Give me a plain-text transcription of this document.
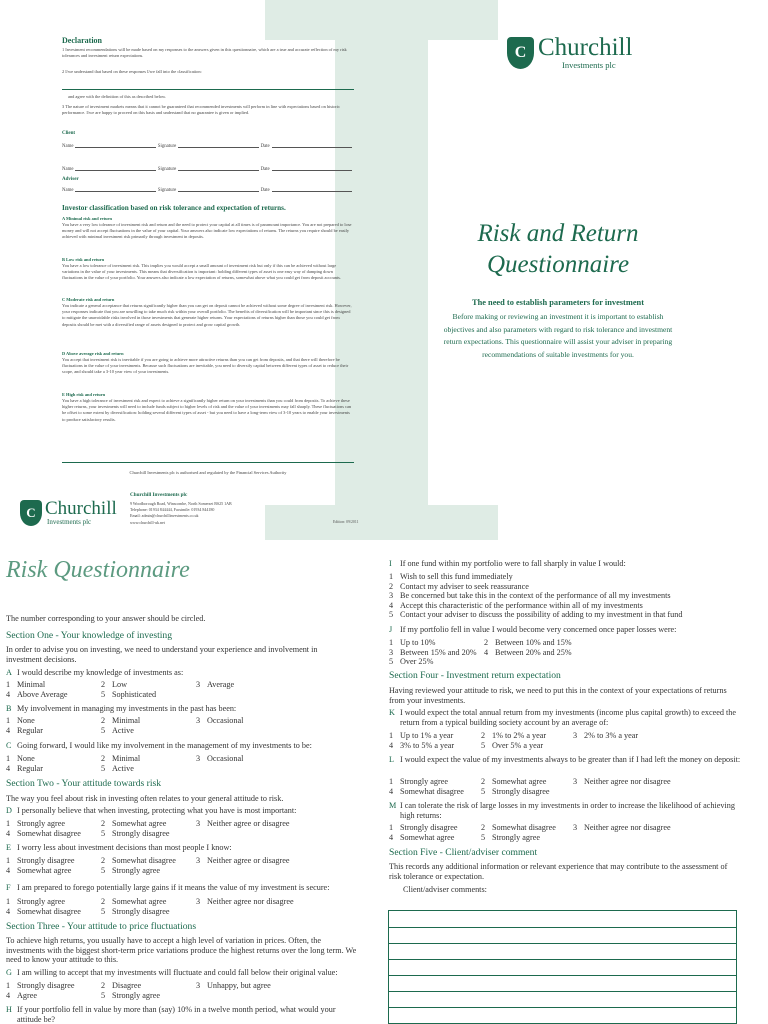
Declaration
1 Investment recommendations will be made based on my responses to the answers given in this questionnaire, which are a true and accurate reflection of my risk tolerances and investment return expectations.
2 I/we understand that based on these responses I/we fall into the classification:
and agree with the definition of this as described below.
3 The nature of investment markets means that it cannot be guaranteed that recommended investments will perform in line with expectations based on historic performance. I/we are happy to proceed on this basis and understand that no guarantee is given or implied.
Client
Name	Signature	Date
Name	Signature	Date
Adviser
Name	Signature	Date
Investor classification based on risk tolerance and expectation of returns.
A Minimal risk and return
You have a very low tolerance of investment risk and return and the need to protect your capital at all times is of paramount importance. You are not prepared to lose money and will not accept fluctuations in the value of your capital. Your answers also indicate low expectations of returns. The returns you require should be easily achieved with minimal investment risk primarily through investment in deposits.
B Low risk and return
You have a low tolerance of investment risk. This implies you would accept a small amount of investment risk but only if this can be achieved without large variations in the value of your investments. This means that diversification is important: holding different types of asset is one easy way of damping down fluctuations in the value of your portfolio. Your answers also indicate a low expectation of returns, somewhat above what you could get from deposit accounts.
C Moderate risk and return
You indicate a general acceptance that returns significantly higher than you can get on deposit cannot be achieved without some degree of investment risk. However, your responses indicate that you are unwilling to take much risk within your overall portfolio. The benefits of diversification will be important since this is designed to mitigate the unavoidable risks involved in those investments that generate higher returns. Your expectations of returns higher than those you could get from deposits should be met with a diversified range of assets designed to protect and grow capital growth.
D Above average risk and return
You accept that investment risk is inevitable if you are going to achieve more attractive returns than you can get from deposits, and that there will therefore be fluctuations in the value of your investments. Because such fluctuations are inevitable, you need to diversify capital between different types of asset to reduce their scope, and should take a 3-10 year view of your investments.
E High risk and return
You have a high tolerance of investment risk and expect to achieve a significantly higher return on your investments than you could from deposits. To achieve these higher returns, your investments will need to include funds subject to higher levels of risk and the value of your investments may fall sharply. These fluctuations can be offset to some extent by diversification: holding several different types of asset - but you need to have a long-term view of 3-10 years to enable your investments to produce satisfactory results.
Churchill Investments plc is authorised and regulated by the Financial Services Authority
C Churchill
Investments plc
Churchill Investments plc
9 Woodborough Road, Winscombe, North Somerset BS25 1AB
Telephone: 01934 844444, Facsimile: 01934 844180
Email: admin@churchillinvestments.co.uk
www.churchill-uk.net	Edition: 09/2011
C Churchill
Investments plc
Risk and Return
Questionnaire
The need to establish parameters for investment
Before making or reviewing an investment it is important to establish objectives and also parameters with regard to risk tolerance and investment return expectations. This questionnaire will assist your adviser in preparing recommendations of suitable investments for you.
Risk Questionnaire
The number corresponding to your answer should be circled.
Section One - Your knowledge of investing
In order to advise you on investing, we need to understand your experience and involvement in investment decisions.
A I would describe my knowledge of investments as:
1 Minimal	2 Low	3 Average
4 Above Average	5 Sophisticated
B My involvement in managing my investments in the past has been:
1 None	2 Minimal	3 Occasional
4 Regular	5 Active
C Going forward, I would like my involvement in the management of my investments to be:
1 None	2 Minimal	3 Occasional
4 Regular	5 Active
Section Two - Your attitude towards risk
The way you feel about risk in investing often relates to your general attitude to risk.
D I personally believe that when investing, protecting what you have is most important:
1 Strongly agree	2 Somewhat agree	3 Neither agree or disagree
4 Somewhat disagree 5 Strongly disagree
E I worry less about investment decisions than most people I know:
1 Strongly disagree	2 Somewhat disagree 3 Neither agree or disagree
4 Somewhat agree	5 Strongly agree
F I am prepared to forego potentially large gains if it means the value of my investment is secure:
1 Strongly agree	2 Somewhat agree	3 Neither agree nor disagree
4 Somewhat disagree 5 Strongly disagree
Section Three - Your attitude to price fluctuations
To achieve high returns, you usually have to accept a high level of variation in prices. Often, the investments with the biggest short-term price variations produce the highest returns over the long term. We need to know your attitude to this.
G I am willing to accept that my investments will fluctuate and could fall below their original value:
1 Strongly disagree	2 Disagree	3 Unhappy, but agree
4 Agree	5 Strongly agree
H If your portfolio fell in value by more than (say) 10% in a twelve month period, what would your attitude be?
I	If one fund within my portfolio were to fall sharply in value I would:
1 Wish to sell this fund immediately
2 Contact my adviser to seek reassurance
3 Be concerned but take this in the context of the performance of all my investments
4 Accept this characteristic of the performance within all of my investments
5 Contact your adviser to discuss the possibility of adding to my investment in that fund
J If my portfolio fell in value I would become very concerned once paper losses were:
1 Up to 10%	2 Between 10% and 15%
3 Between 15% and 20% 4 Between 20% and 25%
5 Over 25%
Section Four - Investment return expectation
Having reviewed your attitude to risk, we need to put this in the context of your expectations of returns from your investments.
K I would expect the total annual return from my investments (income plus capital growth) to exceed the return from a typical building society account by an average of:
1 Up to 1% a year	2 1% to 2% a year	3 2% to 3% a year
4 3% to 5% a year	5 Over 5% a year
L I would expect the value of my investments always to be greater than if I had left the money on deposit:
1 Strongly agree	2 Somewhat agree	3 Neither agree nor disagree
4 Somewhat disagree 5 Strongly disagree
M I can tolerate the risk of large losses in my investments in order to increase the likelihood of achieving high returns:
1 Strongly disagree	2 Somewhat disagree 3 Neither agree nor disagree
4 Somewhat agree	5 Strongly agree
Section Five - Client/adviser comment
This records any additional information or relevant experience that may contribute to the assessment of risk tolerance or expectation.
Client/adviser comments:
